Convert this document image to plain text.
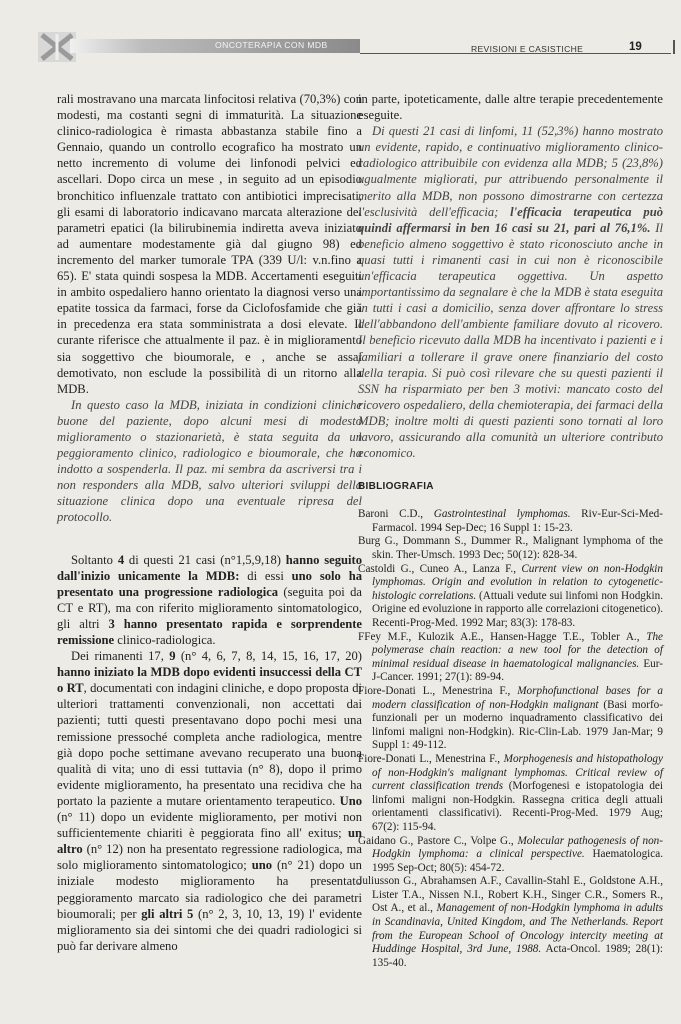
ONCOTERAPIA CON MDB	REVISIONI E CASISTICHE	19

rali mostravano una marcata linfocitosi relativa (70,3%) con modesti, ma costanti segni di immaturità. La situazione clinico-radiologica è rimasta abbastanza stabile fino a Gennaio, quando un controllo ecografico ha mostrato un netto incremento di volume dei linfonodi pelvici ed ascellari. Dopo circa un mese , in seguito ad un episodio bronchitico influenzale trattato con antibiotici imprecisati, gli esami di laboratorio indicavano marcata alterazione dei parametri epatici (la bilirubinemia indiretta aveva iniziato ad aumentare modestamente già dal giugno 98) ed incremento del marker tumorale TPA (339 U/l: v.n.fino a 65). E' stata quindi sospesa la MDB. Accertamenti eseguiti in ambito ospedaliero hanno orientato la diagnosi verso una epatite tossica da farmaci, forse da Ciclofosfamide che già in precedenza era stata somministrata a dosi elevate. Il curante riferisce che attualmente il paz. è in miglioramento sia soggettivo che bioumorale, e , anche se assai demotivato, non esclude la possibilità di un ritorno alla MDB.

In questo caso la MDB, iniziata in condizioni cliniche buone del paziente, dopo alcuni mesi di modesto miglioramento o stazionarietà, è stata seguita da un peggioramento clinico, radiologico e bioumorale, che ha indotto a sospenderla. Il paz. mi sembra da ascriversi tra i non responders alla MDB, salvo ulteriori sviluppi della situazione clinica dopo una eventuale ripresa del protocollo.

Soltanto 4 di questi 21 casi (n°1,5,9,18) hanno seguito dall'inizio unicamente la MDB: di essi uno solo ha presentato una progressione radiologica (seguita poi da CT e RT), ma con riferito miglioramento sintomatologico, gli altri 3 hanno presentato rapida e sorprendente remissione clinico-radiologica.

Dei rimanenti 17, 9 (n° 4, 6, 7, 8, 14, 15, 16, 17, 20) hanno iniziato la MDB dopo evidenti insuccessi della CT o RT, documentati con indagini cliniche, e dopo proposta di ulteriori trattamenti convenzionali, non accettati dai pazienti; tutti questi presentavano dopo pochi mesi una remissione pressoché completa anche radiologica, mentre già dopo poche settimane avevano recuperato una buona qualità di vita; uno di essi tuttavia (n° 8), dopo il primo evidente miglioramento, ha presentato una recidiva che ha portato la paziente a mutare orientamento terapeutico. Uno (n° 11) dopo un evidente miglioramento, per motivi non sufficientemente chiariti è peggiorata fino all' exitus; un altro (n° 12) non ha presentato regressione radiologica, ma solo miglioramento sintomatologico; uno (n° 21) dopo un iniziale modesto miglioramento ha presentato peggioramento marcato sia radiologico che dei parametri bioumorali; per gli altri 5 (n° 2, 3, 10, 13, 19) l' evidente miglioramento sia dei sintomi che dei quadri radiologici si può far derivare almeno

in parte, ipoteticamente, dalle altre terapie precedentemente eseguite.

Di questi 21 casi di linfomi, 11 (52,3%) hanno mostrato un evidente, rapido, e continuativo miglioramento clinico-radiologico attribuibile con evidenza alla MDB; 5 (23,8%) ugualmente migliorati, pur attribuendo personalmente il merito alla MDB, non possono dimostrarne con certezza l'esclusività dell'efficacia; l'efficacia terapeutica può quindi affermarsi in ben 16 casi su 21, pari al 76,1%. Il beneficio almeno soggettivo è stato riconosciuto anche in quasi tutti i rimanenti casi in cui non è riconoscibile un'efficacia terapeutica oggettiva. Un aspetto importantissimo da segnalare è che la MDB è stata eseguita in tutti i casi a domicilio, senza dover affrontare lo stress dell'abbandono dell'ambiente familiare dovuto al ricovero. Il beneficio ricevuto dalla MDB ha incentivato i pazienti e i familiari a tollerare il grave onere finanziario del costo della terapia. Si può così rilevare che su questi pazienti il SSN ha risparmiato per ben 3 motivi: mancato costo del ricovero ospedaliero, della chemioterapia, dei farmaci della MDB; inoltre molti di questi pazienti sono tornati al loro lavoro, assicurando alla comunità un ulteriore contributo economico.

BIBLIOGRAFIA

Baroni C.D., Gastrointestinal lymphomas. Riv-Eur-Sci-Med-Farmacol. 1994 Sep-Dec; 16 Suppl 1: 15-23.

Burg G., Dommann S., Dummer R., Malignant lymphoma of the skin. Ther-Umsch. 1993 Dec; 50(12): 828-34.

Castoldi G., Cuneo A., Lanza F., Current view on non-Hodgkin lymphomas. Origin and evolution in relation to cytogenetic-histologic correlations. (Attuali vedute sui linfomi non Hodgkin. Origine ed evoluzione in rapporto alle correlazioni citogenetico). Recenti-Prog-Med. 1992 Mar; 83(3): 178-83.

FFey M.F., Kulozik A.E., Hansen-Hagge T.E., Tobler A., The polymerase chain reaction: a new tool for the detection of minimal residual disease in haematological malignancies. Eur-J-Cancer. 1991; 27(1): 89-94.

Fiore-Donati L., Menestrina F., Morphofunctional bases for a modern classification of non-Hodgkin malignant (Basi morfo-funzionali per un moderno inquadramento classificativo dei linfomi maligni non-Hodgkin). Ric-Clin-Lab. 1979 Jan-Mar; 9 Suppl 1: 49-112.

Fiore-Donati L., Menestrina F., Morphogenesis and histopathology of non-Hodgkin's malignant lymphomas. Critical review of current classification trends (Morfogenesi e istopatologia dei linfomi maligni non-Hodgkin. Rassegna critica degli attuali orientamenti classificativi). Recenti-Prog-Med. 1979 Aug; 67(2): 115-94.

Gaidano G., Pastore C., Volpe G., Molecular pathogenesis of non-Hodgkin lymphoma: a clinical perspective. Haematologica. 1995 Sep-Oct; 80(5): 454-72.

Juliusson G., Abrahamsen A.F., Cavallin-Stahl E., Goldstone A.H., Lister T.A., Nissen N.I., Robert K.H., Singer C.R., Somers R., Ost A., et al., Management of non-Hodgkin lymphoma in adults in Scandinavia, United Kingdom, and The Netherlands. Report from the European School of Oncology intercity meeting at Huddinge Hospital, 3rd June, 1988. Acta-Oncol. 1989; 28(1): 135-40.
